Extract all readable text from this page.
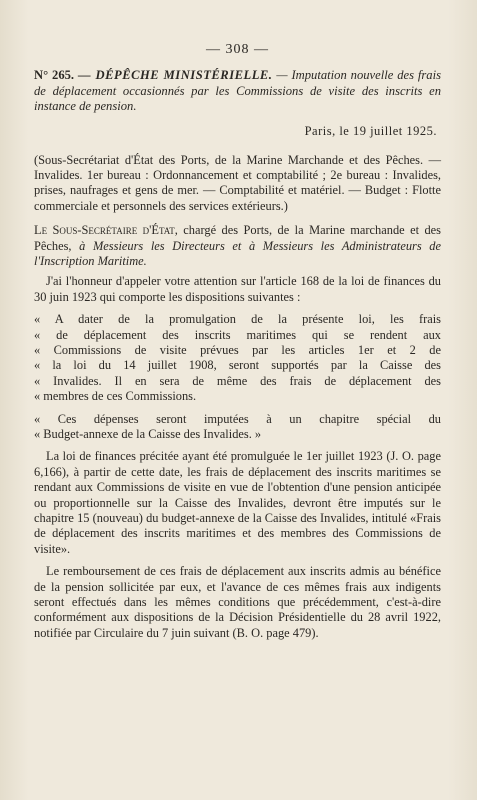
— 308 —
N° 265. — DÉPÊCHE MINISTÉRIELLE. — Imputation nouvelle des frais de déplacement occasionnés par les Commissions de visite des inscrits en instance de pension.
Paris, le 19 juillet 1925.
(Sous-Secrétariat d'État des Ports, de la Marine Marchande et des Pêches. — Invalides. 1er bureau : Ordonnancement et comptabilité ; 2e bureau : Invalides, prises, naufrages et gens de mer. — Comptabilité et matériel. — Budget : Flotte commerciale et personnels des services extérieurs.)
Le Sous-Secrétaire d'État, chargé des Ports, de la Marine marchande et des Pêches, à Messieurs les Directeurs et à Messieurs les Administrateurs de l'Inscription Maritime.

J'ai l'honneur d'appeler votre attention sur l'article 168 de la loi de finances du 30 juin 1923 qui comporte les dispositions suivantes :

« A dater de la promulgation de la présente loi, les frais
« de déplacement des inscrits maritimes qui se rendent aux
« Commissions de visite prévues par les articles 1er et 2 de
« la loi du 14 juillet 1908, seront supportés par la Caisse des
« Invalides. Il en sera de même des frais de déplacement des
« membres de ces Commissions.
« Ces dépenses seront imputées à un chapitre spécial du
« Budget-annexe de la Caisse des Invalides. »

La loi de finances précitée ayant été promulguée le 1er juillet 1923 (J. O. page 6,166), à partir de cette date, les frais de déplacement des inscrits maritimes se rendant aux Commissions de visite en vue de l'obtention d'une pension anticipée ou proportionnelle sur la Caisse des Invalides, devront être imputés sur le chapitre 15 (nouveau) du budget-annexe de la Caisse des Invalides, intitulé «Frais de déplacement des inscrits maritimes et des membres des Commissions de visite».

Le remboursement de ces frais de déplacement aux inscrits admis au bénéfice de la pension sollicitée par eux, et l'avance de ces mêmes frais aux indigents seront effectués dans les mêmes conditions que précédemment, c'est-à-dire conformément aux dispositions de la Décision Présidentielle du 28 avril 1922, notifiée par Circulaire du 7 juin suivant (B. O. page 479).
